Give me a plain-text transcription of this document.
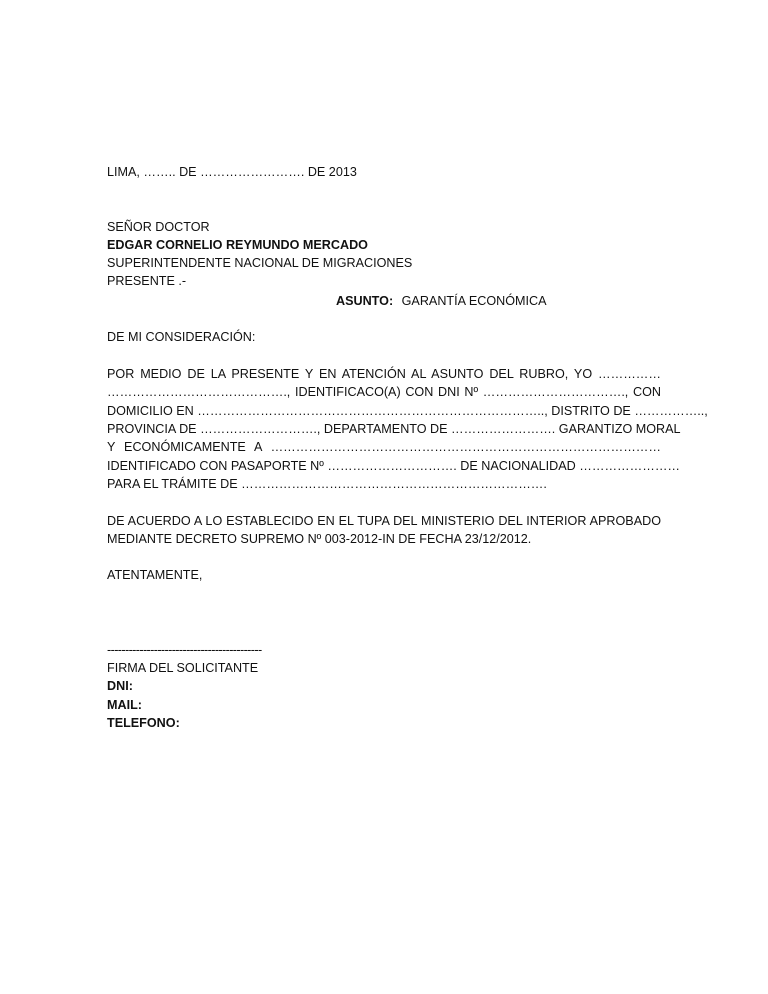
LIMA, …….. DE ……………………. DE 2013
SEÑOR DOCTOR
EDGAR CORNELIO REYMUNDO MERCADO
SUPERINTENDENTE NACIONAL DE MIGRACIONES
PRESENTE .-
ASUNTO: GARANTÍA ECONÓMICA
DE MI CONSIDERACIÓN:
POR MEDIO DE LA PRESENTE Y EN ATENCIÓN AL ASUNTO DEL RUBRO, YO ……………
……………………………………., IDENTIFICACO(A) CON DNI Nº ……………………………., CON
DOMICILIO EN ……………………………………………………………………….., DISTRITO DE ……………..,
PROVINCIA DE ………………………., DEPARTAMENTO DE ……………………. GARANTIZO MORAL
Y ECONÓMICAMENTE A …………………………………………………………………………………
IDENTIFICADO CON PASAPORTE Nº …………………………. DE NACIONALIDAD ……………………
PARA EL TRÁMITE DE ……………………………………………………………….
DE ACUERDO A LO ESTABLECIDO EN EL TUPA DEL MINISTERIO DEL INTERIOR APROBADO
MEDIANTE DECRETO SUPREMO Nº 003-2012-IN DE FECHA 23/12/2012.
ATENTAMENTE,
-------------------------------------------
FIRMA DEL SOLICITANTE
DNI:
MAIL:
TELEFONO:
